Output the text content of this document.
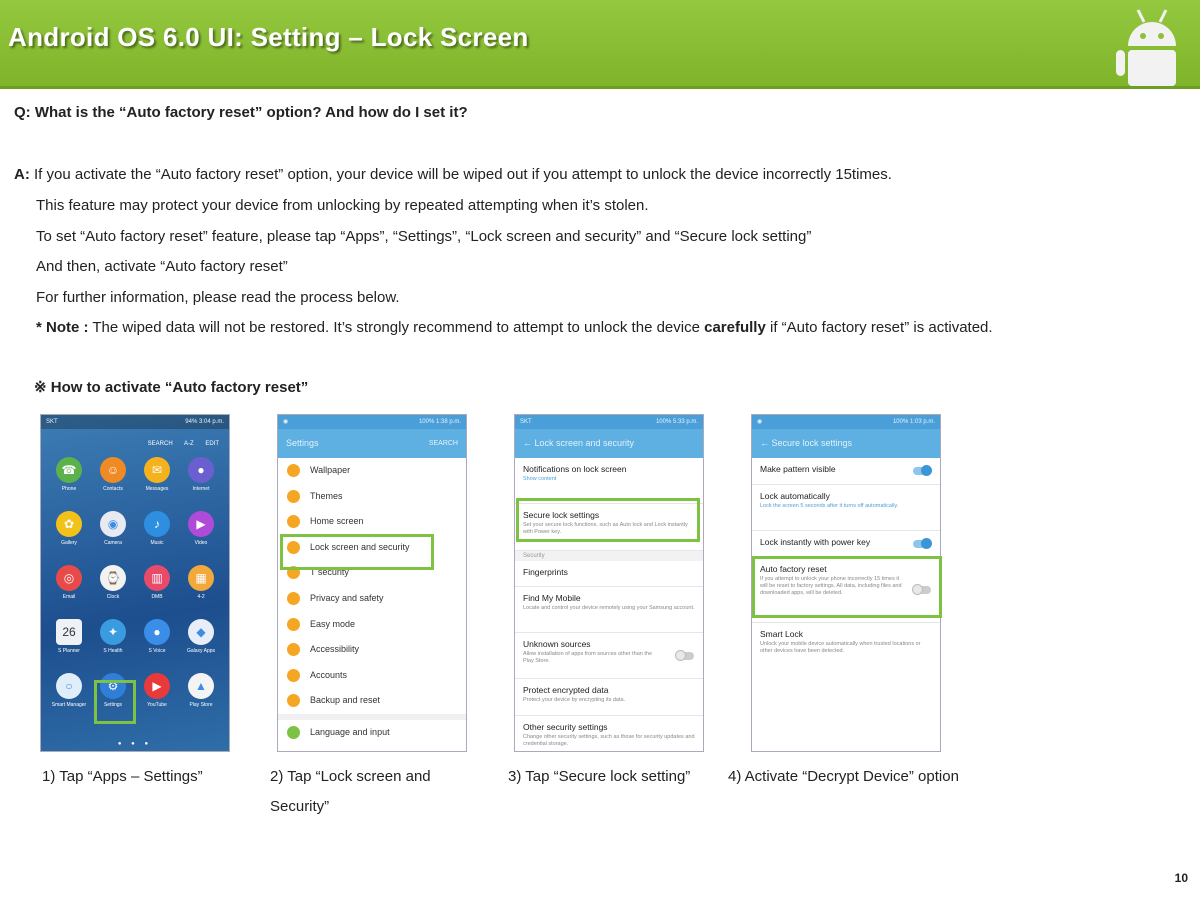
Android OS 6.0 UI: Setting – Lock Screen
Q: What is the “Auto factory reset” option? And how do I set it?
A: If you activate the “Auto factory reset” option, your device will be wiped out if you attempt to unlock the device incorrectly 15times.
This feature may protect your device from unlocking by repeated attempting when it’s stolen.
To set “Auto factory reset” feature, please tap “Apps”, “Settings”, “Lock screen and security” and “Secure lock setting”
And then, activate “Auto factory reset”
For further information, please read the process below.
* Note : The wiped data will not be restored. It’s strongly recommend to attempt to unlock the device carefully if “Auto factory reset” is activated.
※ How to activate “Auto factory reset”
SKT	94% 3:04 p.m.
SEARCH A-Z EDIT
☎
Phone
☺
Contacts
✉
Messages
●
Internet
✿
Gallery
◉
Camera
♪
Music
▶
Video
◎
Email
⌚
Clock
▥
DMB
▦
4-2
26
S Planner
✦
S Health
●
S Voice
◆
Galaxy Apps
○
Smart Manager
⚙
Settings
▶
YouTube
▲
Play Store
● ● ●
◉	100% 1:38 p.m.
Settings	SEARCH
Wallpaper
Themes
Home screen
Lock screen and security
T security
Privacy and safety
Easy mode
Accessibility
Accounts
Backup and reset
Language and input
SKT	100% 5:33 p.m.
← Lock screen and security
Notifications on lock screen
Show content
Secure lock settings
Set your secure lock functions, such as Auto lock and Lock instantly with Power key.
Security
Fingerprints
Find My Mobile
Locate and control your device remotely using your Samsung account.
Unknown sources
Allow installation of apps from sources other than the Play Store.
Protect encrypted data
Protect your device by encrypting its data.
Other security settings
Change other security settings, such as those for security updates and credential storage.
◉	100% 1:03 p.m.
← Secure lock settings
Make pattern visible
Lock automatically
Lock the screen 5 seconds after it turns off automatically.
Lock instantly with power key
Auto factory reset
If you attempt to unlock your phone incorrectly 15 times it will be reset to factory settings. All data, including files and downloaded apps, will be deleted.
Smart Lock
Unlock your mobile device automatically when trusted locations or other devices have been detected.
1) Tap “Apps – Settings”	2) Tap “Lock screen and
Security”
3) Tap “Secure lock setting”	4) Activate “Decrypt Device” option
10
